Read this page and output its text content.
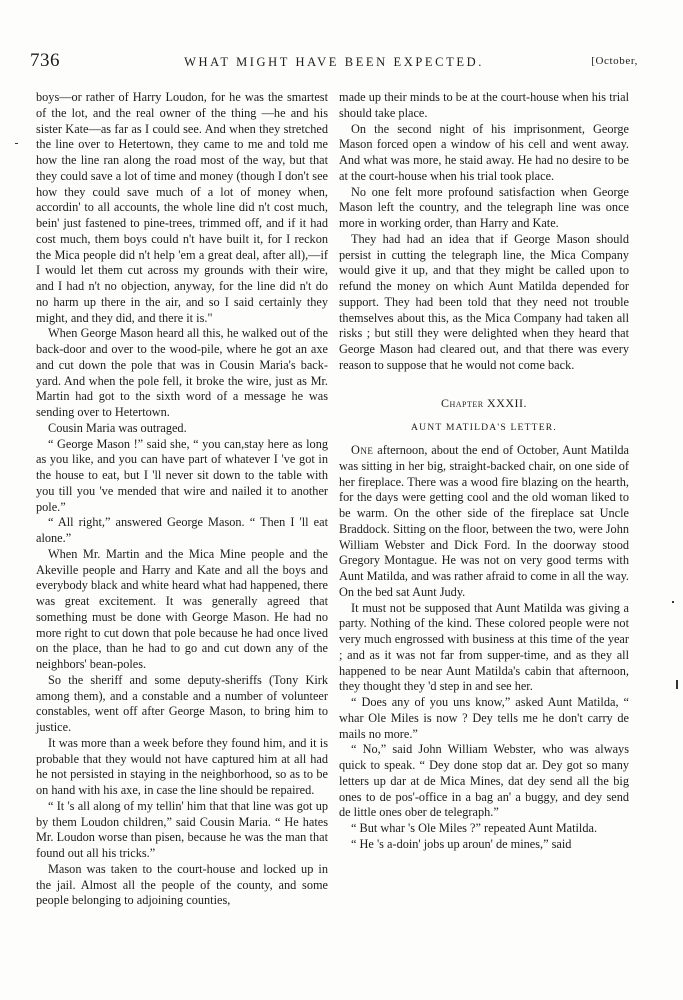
736	WHAT MIGHT HAVE BEEN EXPECTED.	[October,

boys—or rather of Harry Loudon, for he was the smartest of the lot, and the real owner of the thing —he and his sister Kate—as far as I could see. And when they stretched the line over to Hetertown, they came to me and told me how the line ran along the road most of the way, but that they could save a lot of time and money (though I don't see how they could save much of a lot of money when, accordin' to all accounts, the whole line did n't cost much, bein' just fastened to pine-trees, trimmed off, and if it had cost much, them boys could n't have built it, for I reckon the Mica people did n't help 'em a great deal, after all),—if I would let them cut across my grounds with their wire, and I had n't no objection, anyway, for the line did n't do no harm up there in the air, and so I said certainly they might, and they did, and there it is."

When George Mason heard all this, he walked out of the back-door and over to the wood-pile, where he got an axe and cut down the pole that was in Cousin Maria's back-yard. And when the pole fell, it broke the wire, just as Mr. Martin had got to the sixth word of a message he was sending over to Hetertown.

Cousin Maria was outraged.

“ George Mason !” said she, “ you can,stay here as long as you like, and you can have part of whatever I 've got in the house to eat, but I 'll never sit down to the table with you till you 've mended that wire and nailed it to another pole.”

“ All right,” answered George Mason. “ Then I 'll eat alone.”

When Mr. Martin and the Mica Mine people and the Akeville people and Harry and Kate and all the boys and everybody black and white heard what had happened, there was great excitement. It was generally agreed that something must be done with George Mason. He had no more right to cut down that pole because he had once lived on the place, than he had to go and cut down any of the neighbors' bean-poles.

So the sheriff and some deputy-sheriffs (Tony Kirk among them), and a constable and a number of volunteer constables, went off after George Mason, to bring him to justice.

It was more than a week before they found him, and it is probable that they would not have captured him at all had he not persisted in staying in the neighborhood, so as to be on hand with his axe, in case the line should be repaired.

“ It 's all along of my tellin' him that that line was got up by them Loudon children,” said Cousin Maria. “ He hates Mr. Loudon worse than pisen, because he was the man that found out all his tricks.”

Mason was taken to the court-house and locked up in the jail. Almost all the people of the county, and some people belonging to adjoining counties,

made up their minds to be at the court-house when his trial should take place.

On the second night of his imprisonment, George Mason forced open a window of his cell and went away. And what was more, he staid away. He had no desire to be at the court-house when his trial took place.

No one felt more profound satisfaction when George Mason left the country, and the telegraph line was once more in working order, than Harry and Kate.

They had had an idea that if George Mason should persist in cutting the telegraph line, the Mica Company would give it up, and that they might be called upon to refund the money on which Aunt Matilda depended for support. They had been told that they need not trouble themselves about this, as the Mica Company had taken all risks ; but still they were delighted when they heard that George Mason had cleared out, and that there was every reason to suppose that he would not come back.

Chapter XXXII.

AUNT MATILDA'S LETTER.

One afternoon, about the end of October, Aunt Matilda was sitting in her big, straight-backed chair, on one side of her fireplace. There was a wood fire blazing on the hearth, for the days were getting cool and the old woman liked to be warm. On the other side of the fireplace sat Uncle Braddock. Sitting on the floor, between the two, were John William Webster and Dick Ford. In the doorway stood Gregory Montague. He was not on very good terms with Aunt Matilda, and was rather afraid to come in all the way. On the bed sat Aunt Judy.

It must not be supposed that Aunt Matilda was giving a party. Nothing of the kind. These colored people were not very much engrossed with business at this time of the year ; and as it was not far from supper-time, and as they all happened to be near Aunt Matilda's cabin that afternoon, they thought they 'd step in and see her.

“ Does any of you uns know,” asked Aunt Matilda, “ whar Ole Miles is now ? Dey tells me he don't carry de mails no more.”

“ No,” said John William Webster, who was always quick to speak. “ Dey done stop dat ar. Dey got so many letters up dar at de Mica Mines, dat dey send all the big ones to de pos'-office in a bag an' a buggy, and dey send de little ones ober de telegraph.”

“ But whar 's Ole Miles ?” repeated Aunt Matilda.

“ He 's a-doin' jobs up aroun' de mines,” said
